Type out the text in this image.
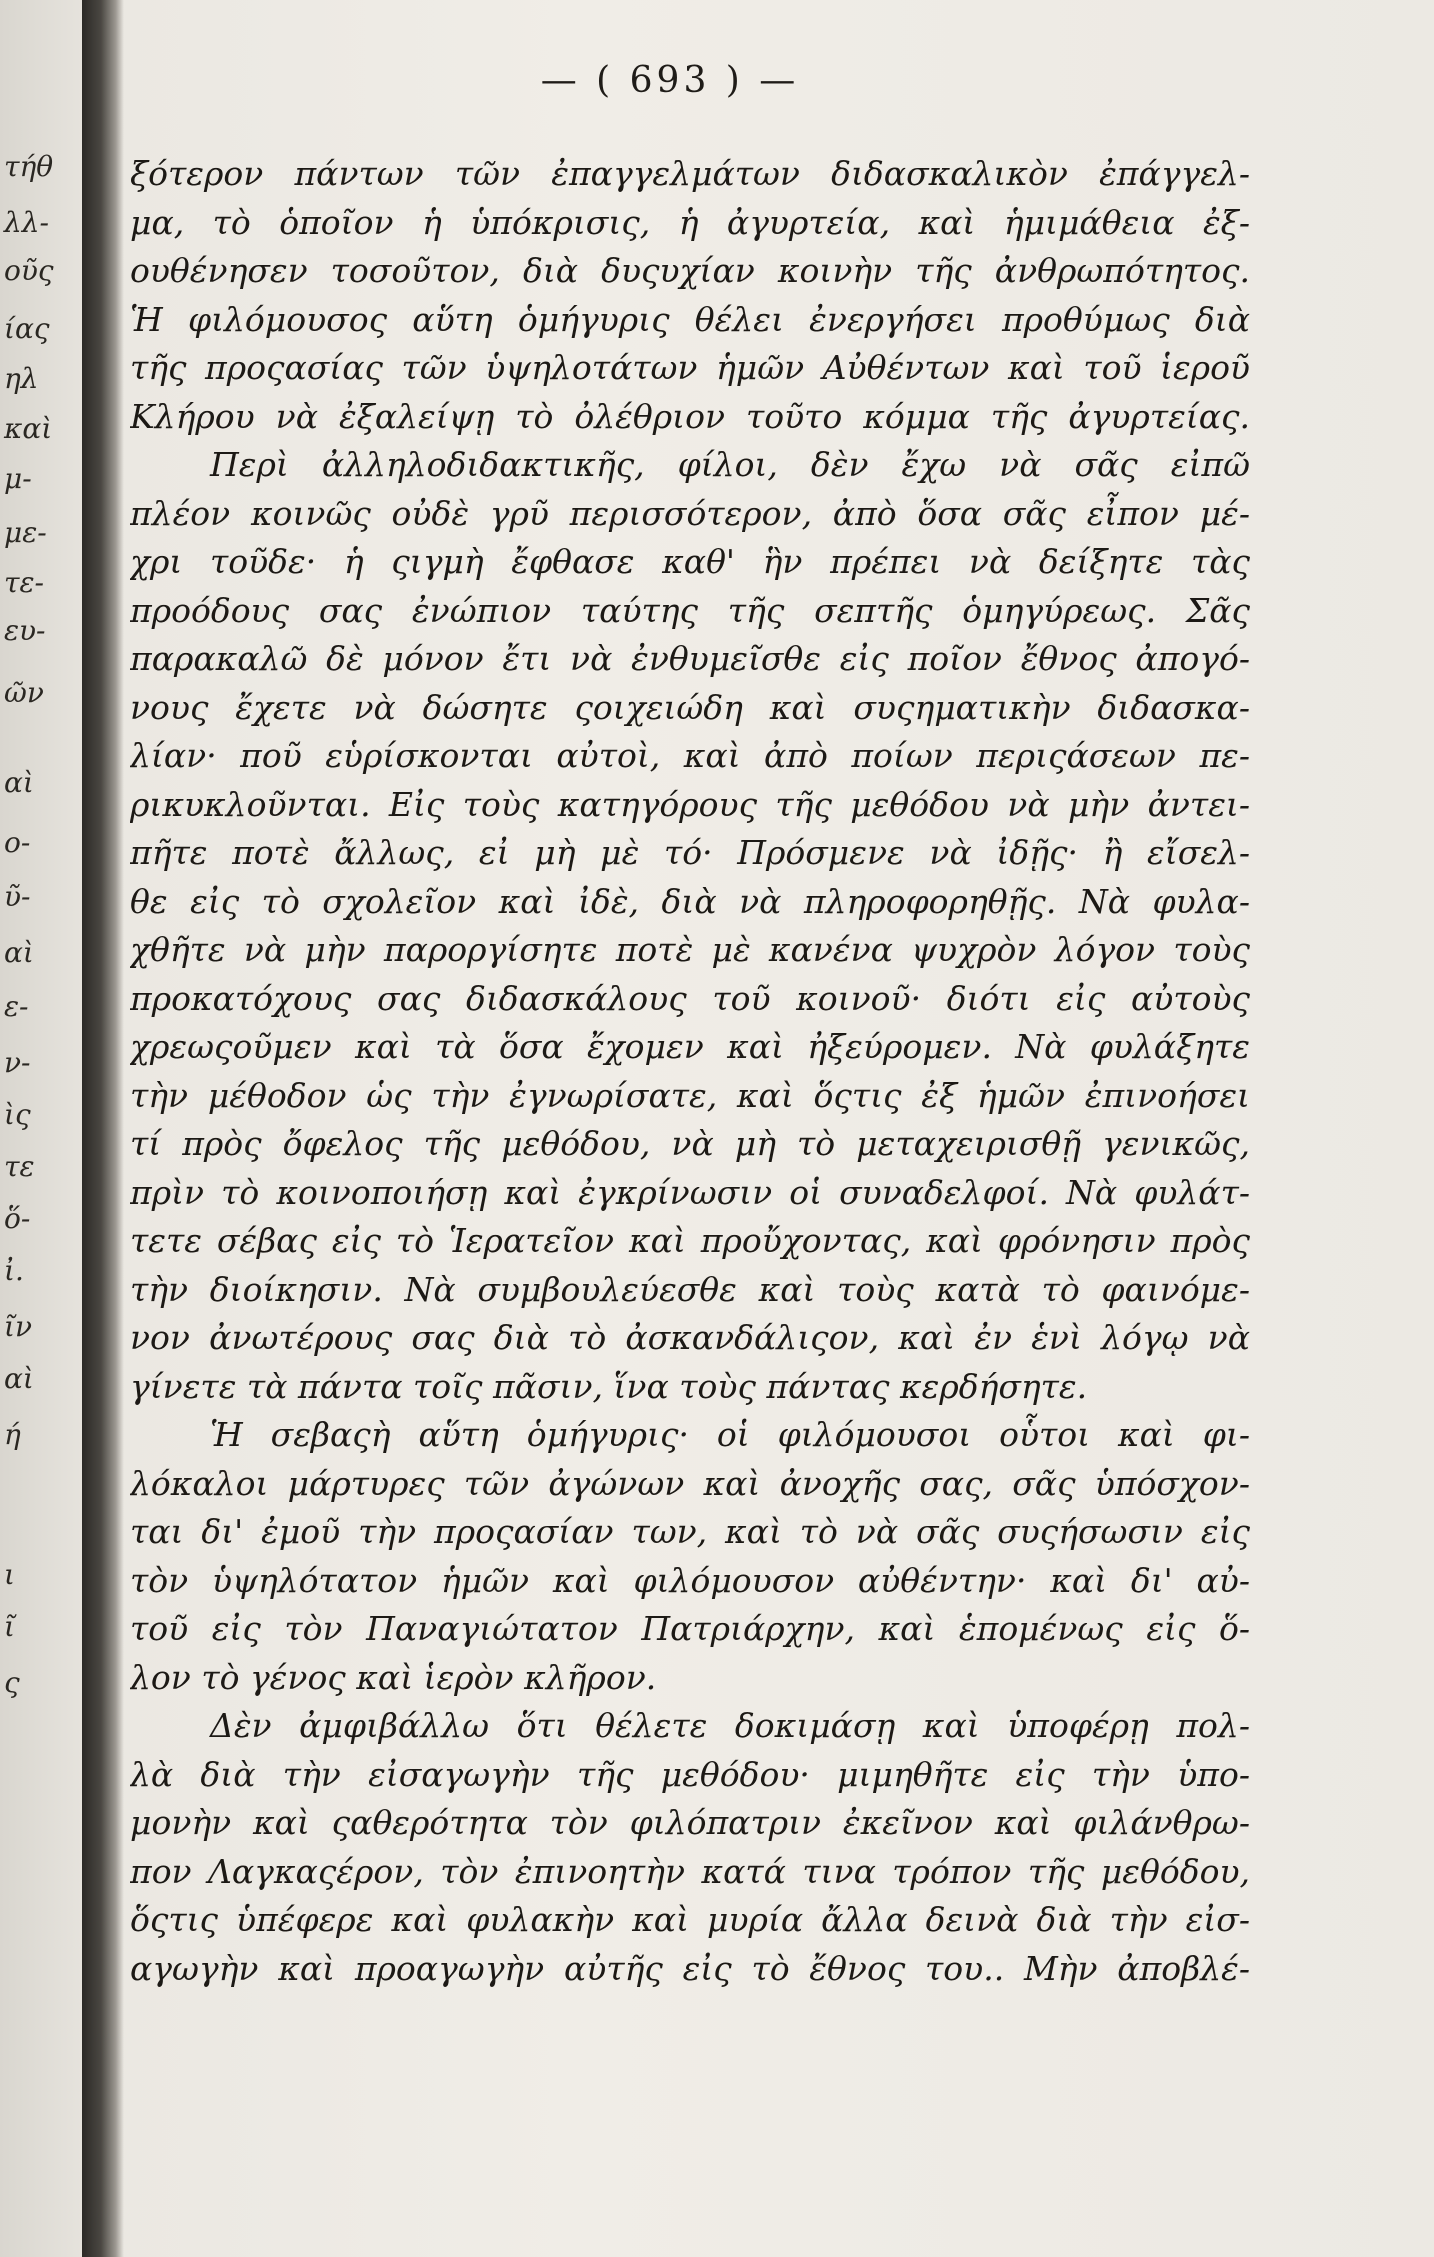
τήθ
λλ-
οῦς
ίας
ηλ
καὶ
μ-
με-
τε-
ευ-
ῶν
αὶ
ο-
ῦ-
αὶ
ε-
ν-
ὶς
τε
ὅ-
ἰ.
ῖν
αὶ
ή
ι
ῖ
ς
— ( 693 ) —
ξότερον πάντων τῶν ἐπαγγελμάτων διδασκαλικὸν ἐπάγγελ-
μα, τὸ ὁποῖον ἡ ὑπόκρισις, ἡ ἀγυρτεία, καὶ ἡμιμάθεια ἐξ-
ουθένησεν τοσοῦτον, διὰ δυςυχίαν κοινὴν τῆς ἀνθρωπότητος.
Ἡ φιλόμουσος αὕτη ὁμήγυρις θέλει ἐνεργήσει προθύμως διὰ
τῆς προςασίας τῶν ὑψηλοτάτων ἡμῶν Αὐθέντων καὶ τοῦ ἱεροῦ
Κλήρου νὰ ἐξαλείψῃ τὸ ὀλέθριον τοῦτο κόμμα τῆς ἀγυρτείας.
Περὶ ἀλληλοδιδακτικῆς, φίλοι, δὲν ἔχω νὰ σᾶς εἰπῶ
πλέον κοινῶς οὐδὲ γρῦ περισσότερον, ἀπὸ ὅσα σᾶς εἶπον μέ-
χρι τοῦδε· ἡ ςιγμὴ ἔφθασε καθ' ἣν πρέπει νὰ δείξητε τὰς
προόδους σας ἐνώπιον ταύτης τῆς σεπτῆς ὁμηγύρεως. Σᾶς
παρακαλῶ δὲ μόνον ἔτι νὰ ἐνθυμεῖσθε εἰς ποῖον ἔθνος ἀπογό-
νους ἔχετε νὰ δώσητε ςοιχειώδη καὶ συςηματικὴν διδασκα-
λίαν· ποῦ εὑρίσκονται αὐτοὶ, καὶ ἀπὸ ποίων περιςάσεων πε-
ρικυκλοῦνται. Εἰς τοὺς κατηγόρους τῆς μεθόδου νὰ μὴν ἀντει-
πῆτε ποτὲ ἄλλως, εἰ μὴ μὲ τό· Πρόσμενε νὰ ἰδῇς· ἢ εἴσελ-
θε εἰς τὸ σχολεῖον καὶ ἰδὲ, διὰ νὰ πληροφορηθῇς. Νὰ φυλα-
χθῆτε νὰ μὴν παροργίσητε ποτὲ μὲ κανένα ψυχρὸν λόγον τοὺς
προκατόχους σας διδασκάλους τοῦ κοινοῦ· διότι εἰς αὐτοὺς
χρεωςοῦμεν καὶ τὰ ὅσα ἔχομεν καὶ ἠξεύρομεν. Νὰ φυλάξητε
τὴν μέθοδον ὡς τὴν ἐγνωρίσατε, καὶ ὅςτις ἐξ ἡμῶν ἐπινοήσει
τί πρὸς ὄφελος τῆς μεθόδου, νὰ μὴ τὸ μεταχειρισθῇ γενικῶς,
πρὶν τὸ κοινοποιήσῃ καὶ ἐγκρίνωσιν οἱ συναδελφοί. Νὰ φυλάτ-
τετε σέβας εἰς τὸ Ἱερατεῖον καὶ προὔχοντας, καὶ φρόνησιν πρὸς
τὴν διοίκησιν. Νὰ συμβουλεύεσθε καὶ τοὺς κατὰ τὸ φαινόμε-
νον ἀνωτέρους σας διὰ τὸ ἀσκανδάλιςον, καὶ ἐν ἑνὶ λόγῳ νὰ
γίνετε τὰ πάντα τοῖς πᾶσιν, ἵνα τοὺς πάντας κερδήσητε.
Ἡ σεβαςὴ αὕτη ὁμήγυρις· οἱ φιλόμουσοι οὗτοι καὶ φι-
λόκαλοι μάρτυρες τῶν ἀγώνων καὶ ἀνοχῆς σας, σᾶς ὑπόσχον-
ται δι' ἐμοῦ τὴν προςασίαν των, καὶ τὸ νὰ σᾶς συςήσωσιν εἰς
τὸν ὑψηλότατον ἡμῶν καὶ φιλόμουσον αὐθέντην· καὶ δι' αὐ-
τοῦ εἰς τὸν Παναγιώτατον Πατριάρχην, καὶ ἑπομένως εἰς ὅ-
λον τὸ γένος καὶ ἱερὸν κλῆρον.
Δὲν ἀμφιβάλλω ὅτι θέλετε δοκιμάσῃ καὶ ὑποφέρῃ πολ-
λὰ διὰ τὴν εἰσαγωγὴν τῆς μεθόδου· μιμηθῆτε εἰς τὴν ὑπο-
μονὴν καὶ ςαθερότητα τὸν φιλόπατριν ἐκεῖνον καὶ φιλάνθρω-
πον Λαγκαςέρον, τὸν ἐπινοητὴν κατά τινα τρόπον τῆς μεθόδου,
ὅςτις ὑπέφερε καὶ φυλακὴν καὶ μυρία ἄλλα δεινὰ διὰ τὴν εἰσ-
αγωγὴν καὶ προαγωγὴν αὐτῆς εἰς τὸ ἔθνος του.. Μὴν ἀποβλέ-
